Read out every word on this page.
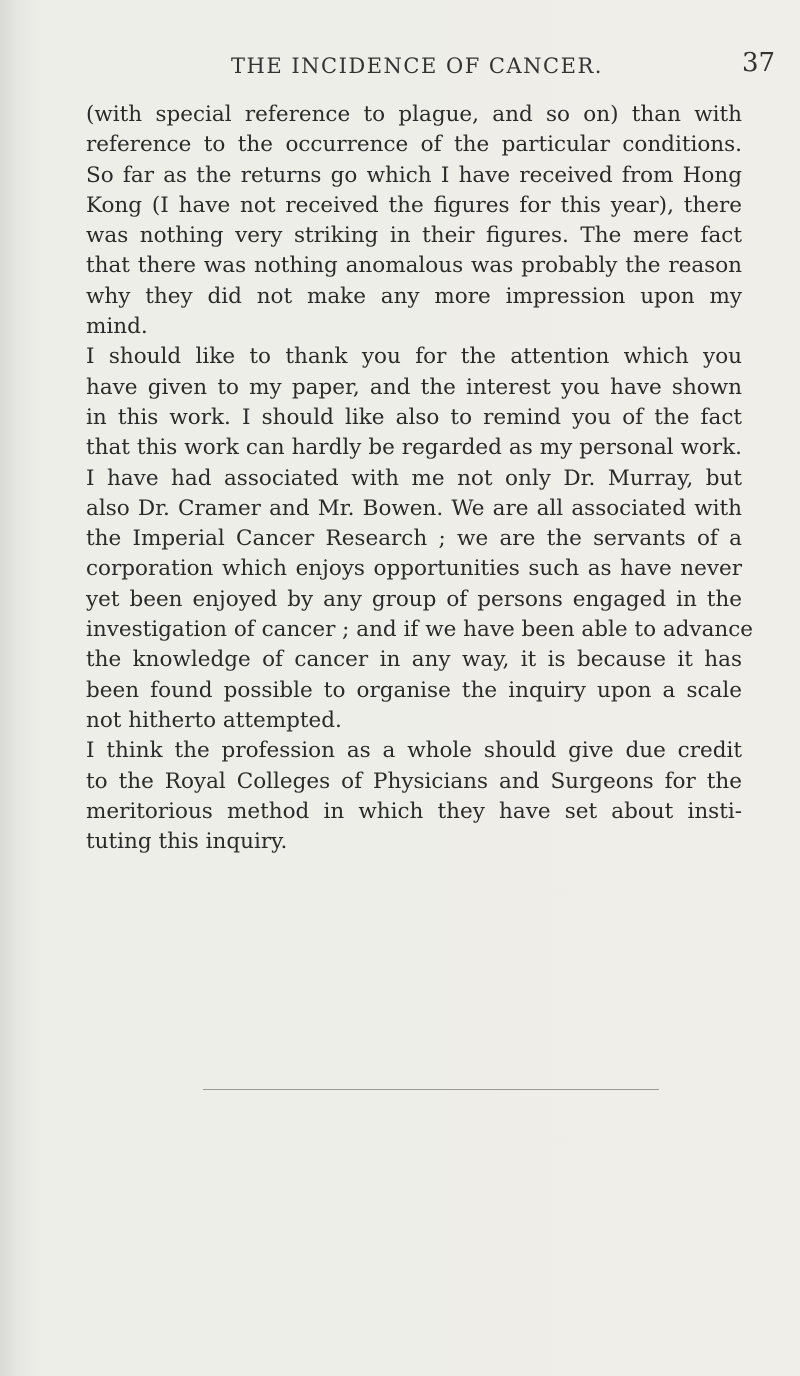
THE INCIDENCE OF CANCER.	37
(with special reference to plague, and so on) than with
reference to the occurrence of the particular conditions.
So far as the returns go which I have received from Hong
Kong (I have not received the figures for this year), there
was nothing very striking in their figures. The mere fact
that there was nothing anomalous was probably the reason
why they did not make any more impression upon my
mind.
I should like to thank you for the attention which you
have given to my paper, and the interest you have shown
in this work. I should like also to remind you of the fact
that this work can hardly be regarded as my personal work.
I have had associated with me not only Dr. Murray, but
also Dr. Cramer and Mr. Bowen. We are all associated with
the Imperial Cancer Research ; we are the servants of a
corporation which enjoys opportunities such as have never
yet been enjoyed by any group of persons engaged in the
investigation of cancer ; and if we have been able to advance
the knowledge of cancer in any way, it is because it has
been found possible to organise the inquiry upon a scale
not hitherto attempted.
I think the profession as a whole should give due credit
to the Royal Colleges of Physicians and Surgeons for the
meritorious method in which they have set about insti-
tuting this inquiry.
